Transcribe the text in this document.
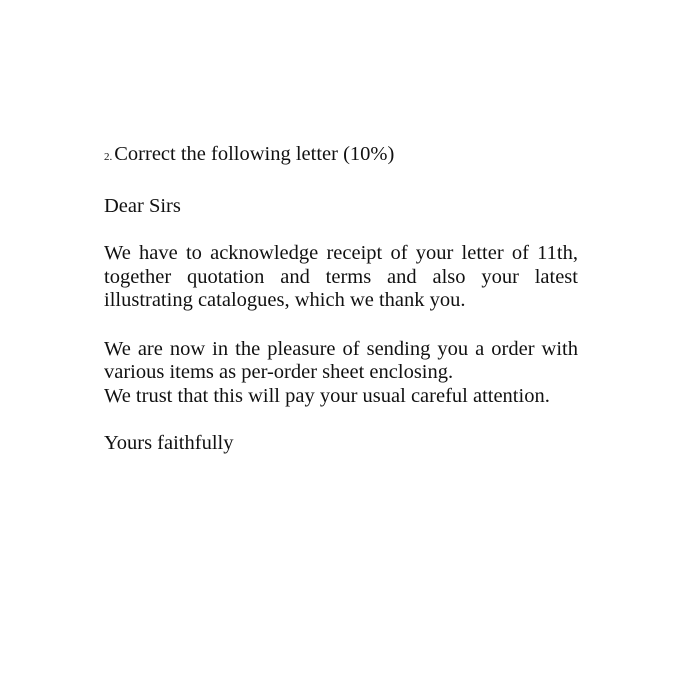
2.Correct the following letter (10%)
Dear Sirs

We have to acknowledge receipt of your letter of 11th, together quotation and terms and also your latest illustrating catalogues, which we thank you.

We are now in the pleasure of sending you a order with various items as per-order sheet enclosing.

We trust that this will pay your usual careful attention.

Yours faithfully
